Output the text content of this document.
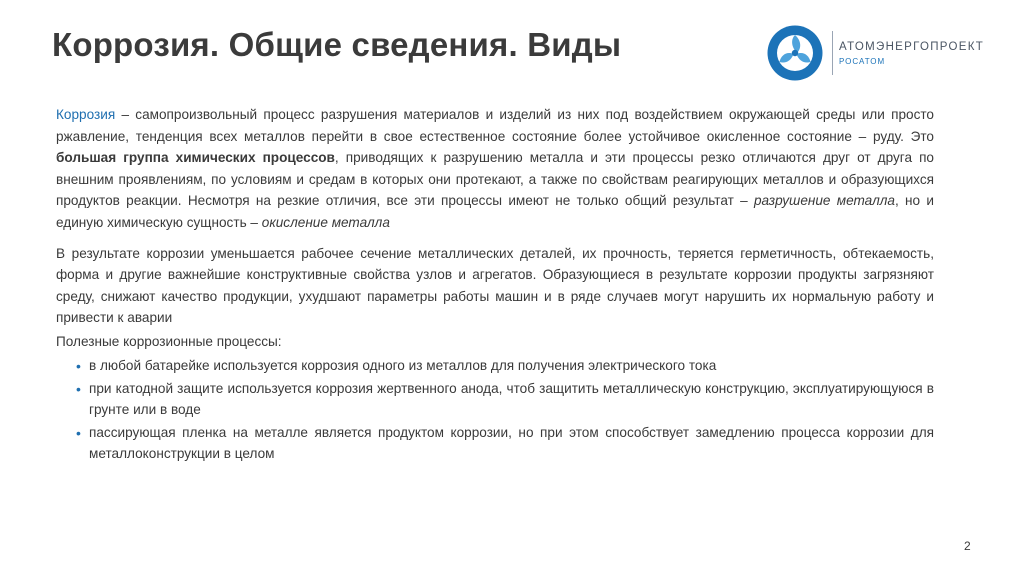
Коррозия. Общие сведения. Виды	АТОМЭНЕРГОПРОЕКТ
РОСАТОМ

Коррозия – самопроизвольный процесс разрушения материалов и изделий из них под воздействием окружающей среды или просто ржавление, тенденция всех металлов перейти в свое естественное состояние более устойчивое окисленное состояние – руду. Это большая группа химических процессов, приводящих к разрушению металла и эти процессы резко отличаются друг от друга по внешним проявлениям, по условиям и средам в которых они протекают, а также по свойствам реагирующих металлов и образующихся продуктов реакции. Несмотря на резкие отличия, все эти процессы имеют не только общий результат – разрушение металла, но и единую химическую сущность – окисление металла

В результате коррозии уменьшается рабочее сечение металлических деталей, их прочность, теряется герметичность, обтекаемость, форма и другие важнейшие конструктивные свойства узлов и агрегатов. Образующиеся в результате коррозии продукты загрязняют среду, снижают качество продукции, ухудшают параметры работы машин и в ряде случаев могут нарушить их нормальную работу и привести к аварии

Полезные коррозионные процессы:

• в любой батарейке используется коррозия одного из металлов для получения электрического тока
• при катодной защите используется коррозия жертвенного анода, чтоб защитить металлическую конструкцию, эксплуатирующуюся в грунте или в воде
• пассирующая пленка на металле является продуктом коррозии, но при этом способствует замедлению процесса коррозии для металлоконструкции в целом
2
